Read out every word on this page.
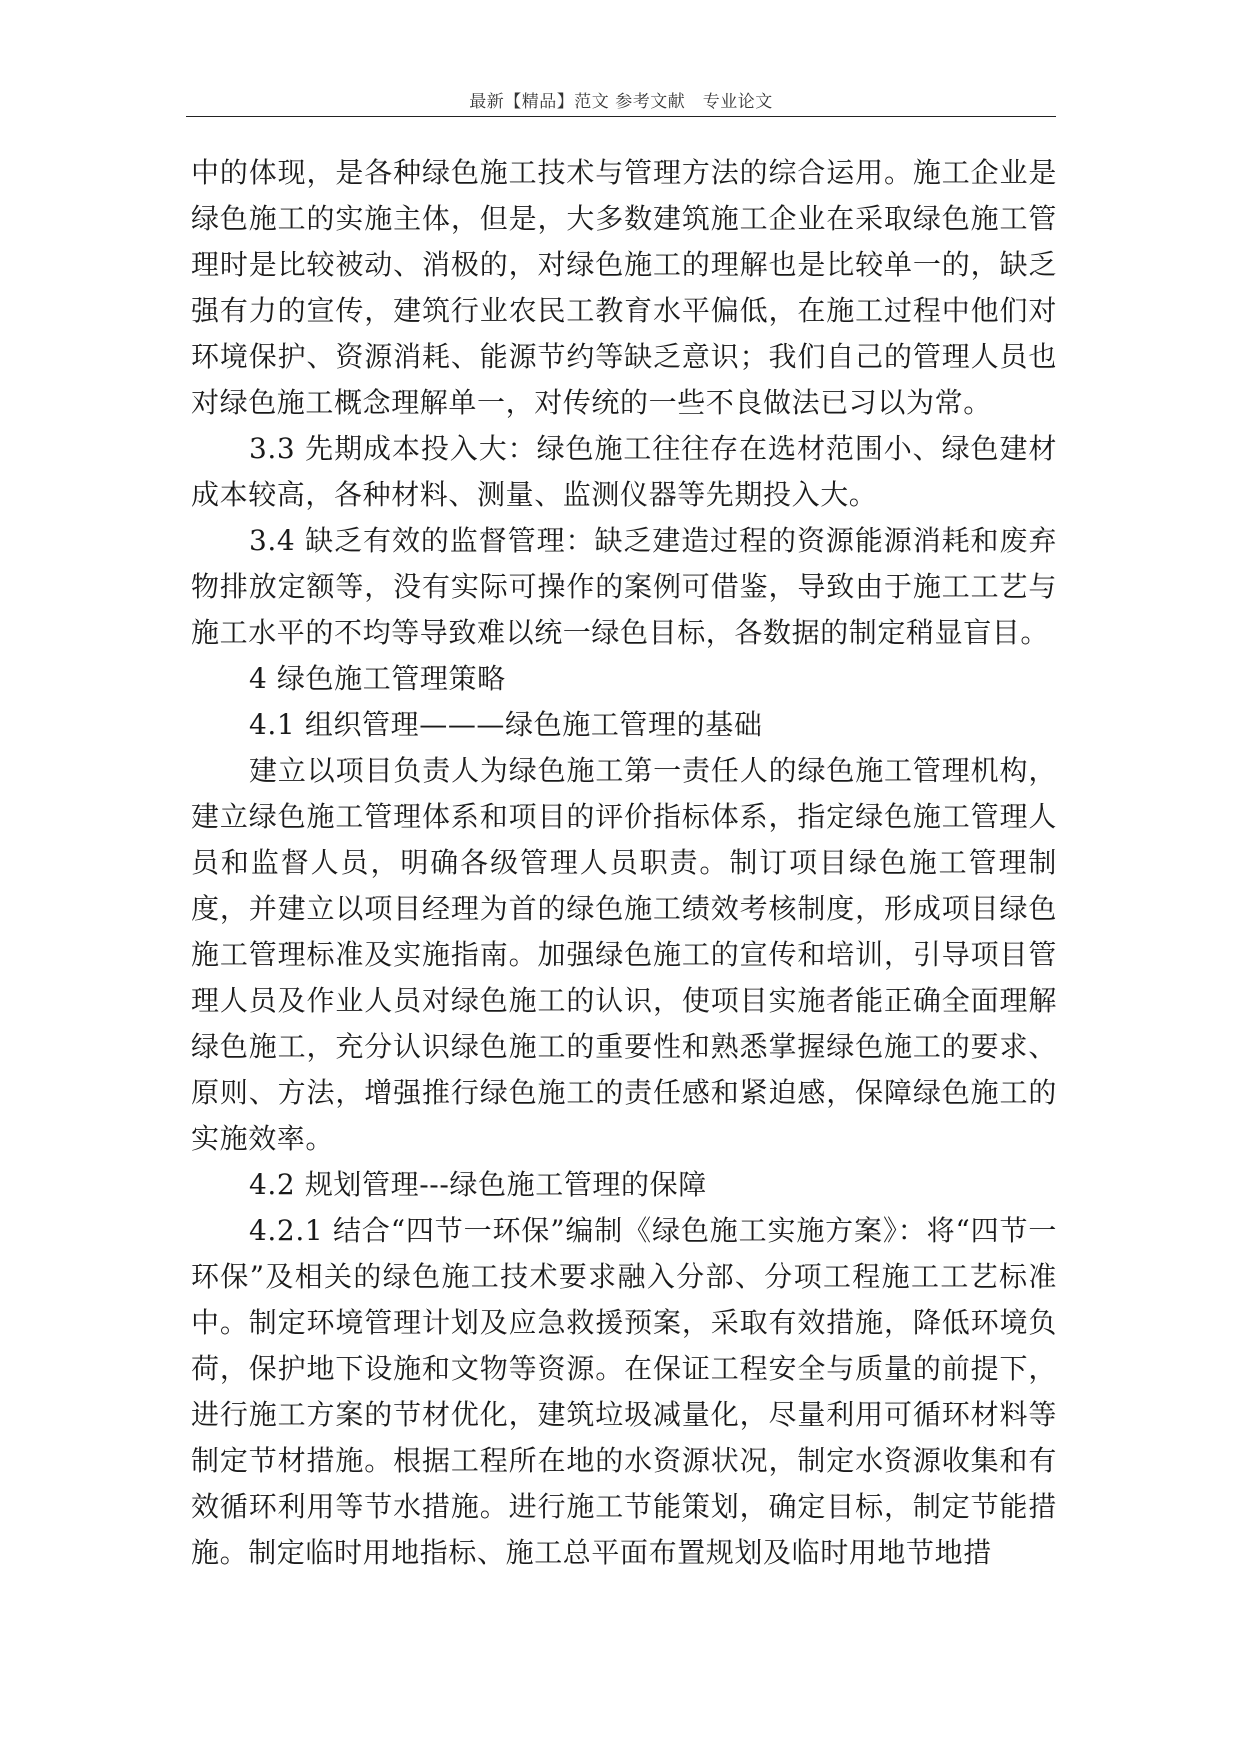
最新【精品】范文 参考文献　专业论文

中的体现，是各种绿色施工技术与管理方法的综合运用。施工企业是绿色施工的实施主体，但是，大多数建筑施工企业在采取绿色施工管理时是比较被动、消极的，对绿色施工的理解也是比较单一的，缺乏强有力的宣传，建筑行业农民工教育水平偏低，在施工过程中他们对环境保护、资源消耗、能源节约等缺乏意识；我们自己的管理人员也对绿色施工概念理解单一，对传统的一些不良做法已习以为常。

3.3 先期成本投入大：绿色施工往往存在选材范围小、绿色建材成本较高，各种材料、测量、监测仪器等先期投入大。

3.4 缺乏有效的监督管理：缺乏建造过程的资源能源消耗和废弃物排放定额等，没有实际可操作的案例可借鉴，导致由于施工工艺与施工水平的不均等导致难以统一绿色目标，各数据的制定稍显盲目。

4 绿色施工管理策略

4.1 组织管理———绿色施工管理的基础

建立以项目负责人为绿色施工第一责任人的绿色施工管理机构，建立绿色施工管理体系和项目的评价指标体系，指定绿色施工管理人员和监督人员，明确各级管理人员职责。制订项目绿色施工管理制度，并建立以项目经理为首的绿色施工绩效考核制度，形成项目绿色施工管理标准及实施指南。加强绿色施工的宣传和培训，引导项目管理人员及作业人员对绿色施工的认识，使项目实施者能正确全面理解绿色施工，充分认识绿色施工的重要性和熟悉掌握绿色施工的要求、原则、方法，增强推行绿色施工的责任感和紧迫感，保障绿色施工的实施效率。

4.2 规划管理---绿色施工管理的保障

4.2.1 结合“四节一环保”编制《绿色施工实施方案》：将“四节一环保”及相关的绿色施工技术要求融入分部、分项工程施工工艺标准中。制定环境管理计划及应急救援预案，采取有效措施，降低环境负荷，保护地下设施和文物等资源。在保证工程安全与质量的前提下，进行施工方案的节材优化，建筑垃圾减量化，尽量利用可循环材料等制定节材措施。根据工程所在地的水资源状况，制定水资源收集和有效循环利用等节水措施。进行施工节能策划，确定目标，制定节能措施。制定临时用地指标、施工总平面布置规划及临时用地节地措
